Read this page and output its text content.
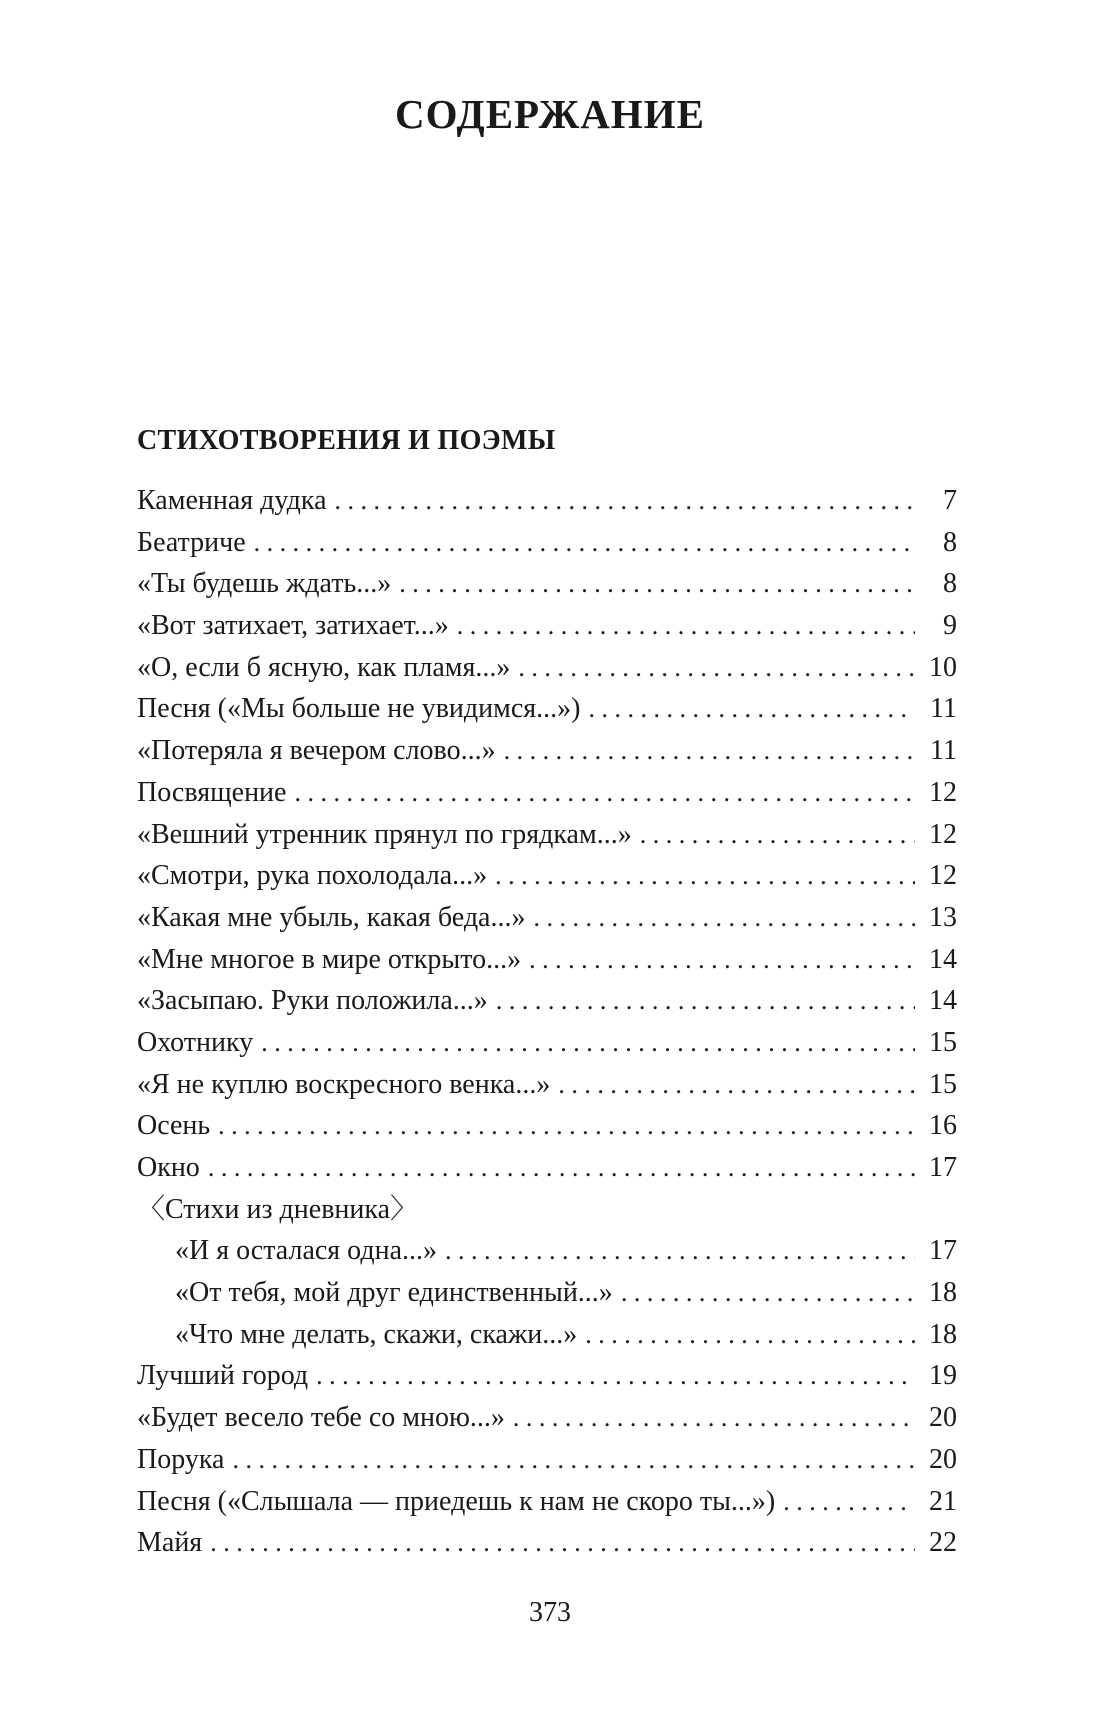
СОДЕРЖАНИЕ
СТИХОТВОРЕНИЯ И ПОЭМЫ
Каменная дудка . . .	7
Беатриче . . .	8
«Ты будешь ждать...» . . .	8
«Вот затихает, затихает...» . . .	9
«О, если б ясную, как пламя...» . . .	10
Песня («Мы больше не увидимся...») . . .	11
«Потеряла я вечером слово...» . . .	11
Посвящение . . .	12
«Вешний утренник прянул по грядкам...» . . .	12
«Смотри, рука похолодала...» . . .	12
«Какая мне убыль, какая беда...» . . .	13
«Мне многое в мире открыто...» . . .	14
«Засыпаю. Руки положила...» . . .	14
Охотнику . . .	15
«Я не куплю воскресного венка...» . . .	15
Осень . . .	16
Окно . . .	17
〈Стихи из дневника〉
«И я осталася одна...» . . .	17
«От тебя, мой друг единственный...» . . .	18
«Что мне делать, скажи, скажи...» . . .	18
Лучший город . . .	19
«Будет весело тебе со мною...» . . .	20
Порука . . .	20
Песня («Слышала — приедешь к нам не скоро ты...») . . .	21
Майя . . .	22

373
